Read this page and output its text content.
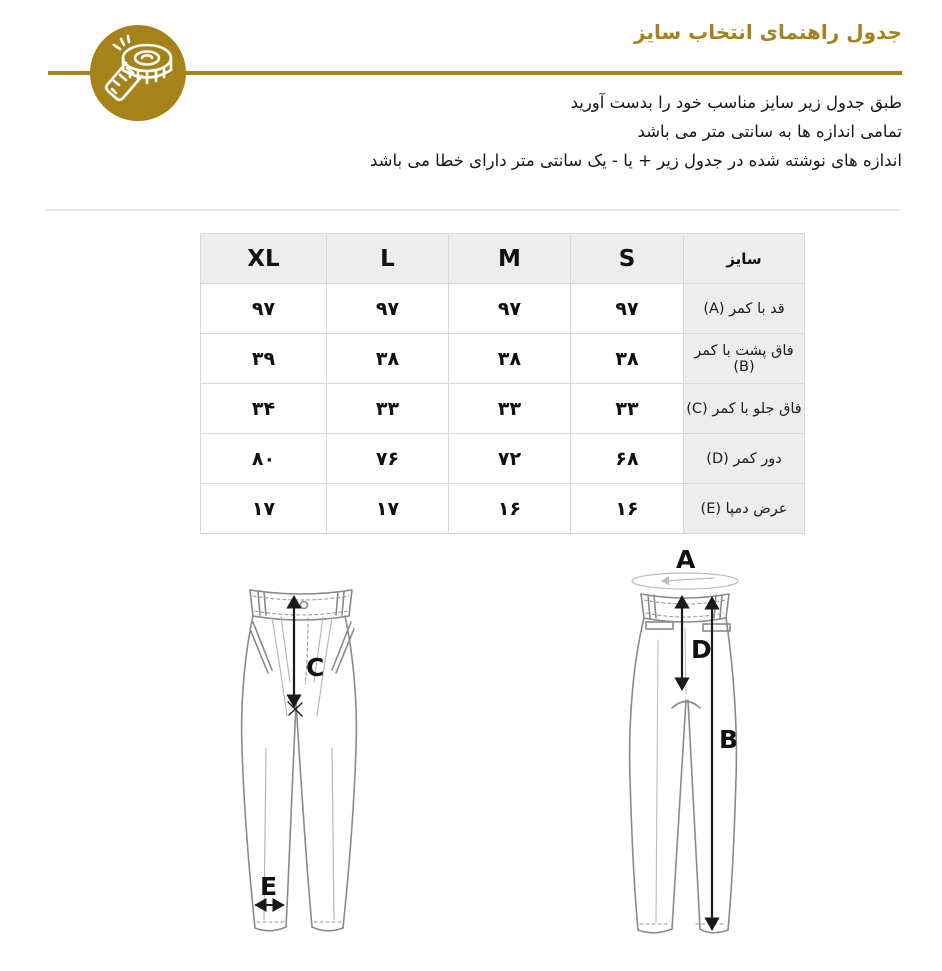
جدول راهنمای انتخاب سایز
طبق جدول زیر سایز مناسب خود را بدست آورید
تمامی اندازه ها به سانتی متر می باشد
اندازه های نوشته شده در جدول زیر + یا - یک سانتی متر دارای خطا می باشد
XL	L	M	S	سایز
۹۷	۹۷	۹۷	۹۷	قد با کمر (A)
۳۹	۳۸	۳۸	۳۸	فاق پشت با کمر (B)
۳۴	۳۳	۳۳	۳۳	فاق جلو با کمر (C)
۸۰	۷۶	۷۲	۶۸	دور کمر (D)
۱۷	۱۷	۱۶	۱۶	عرض دمپا (E)
C
E
D
B
A
